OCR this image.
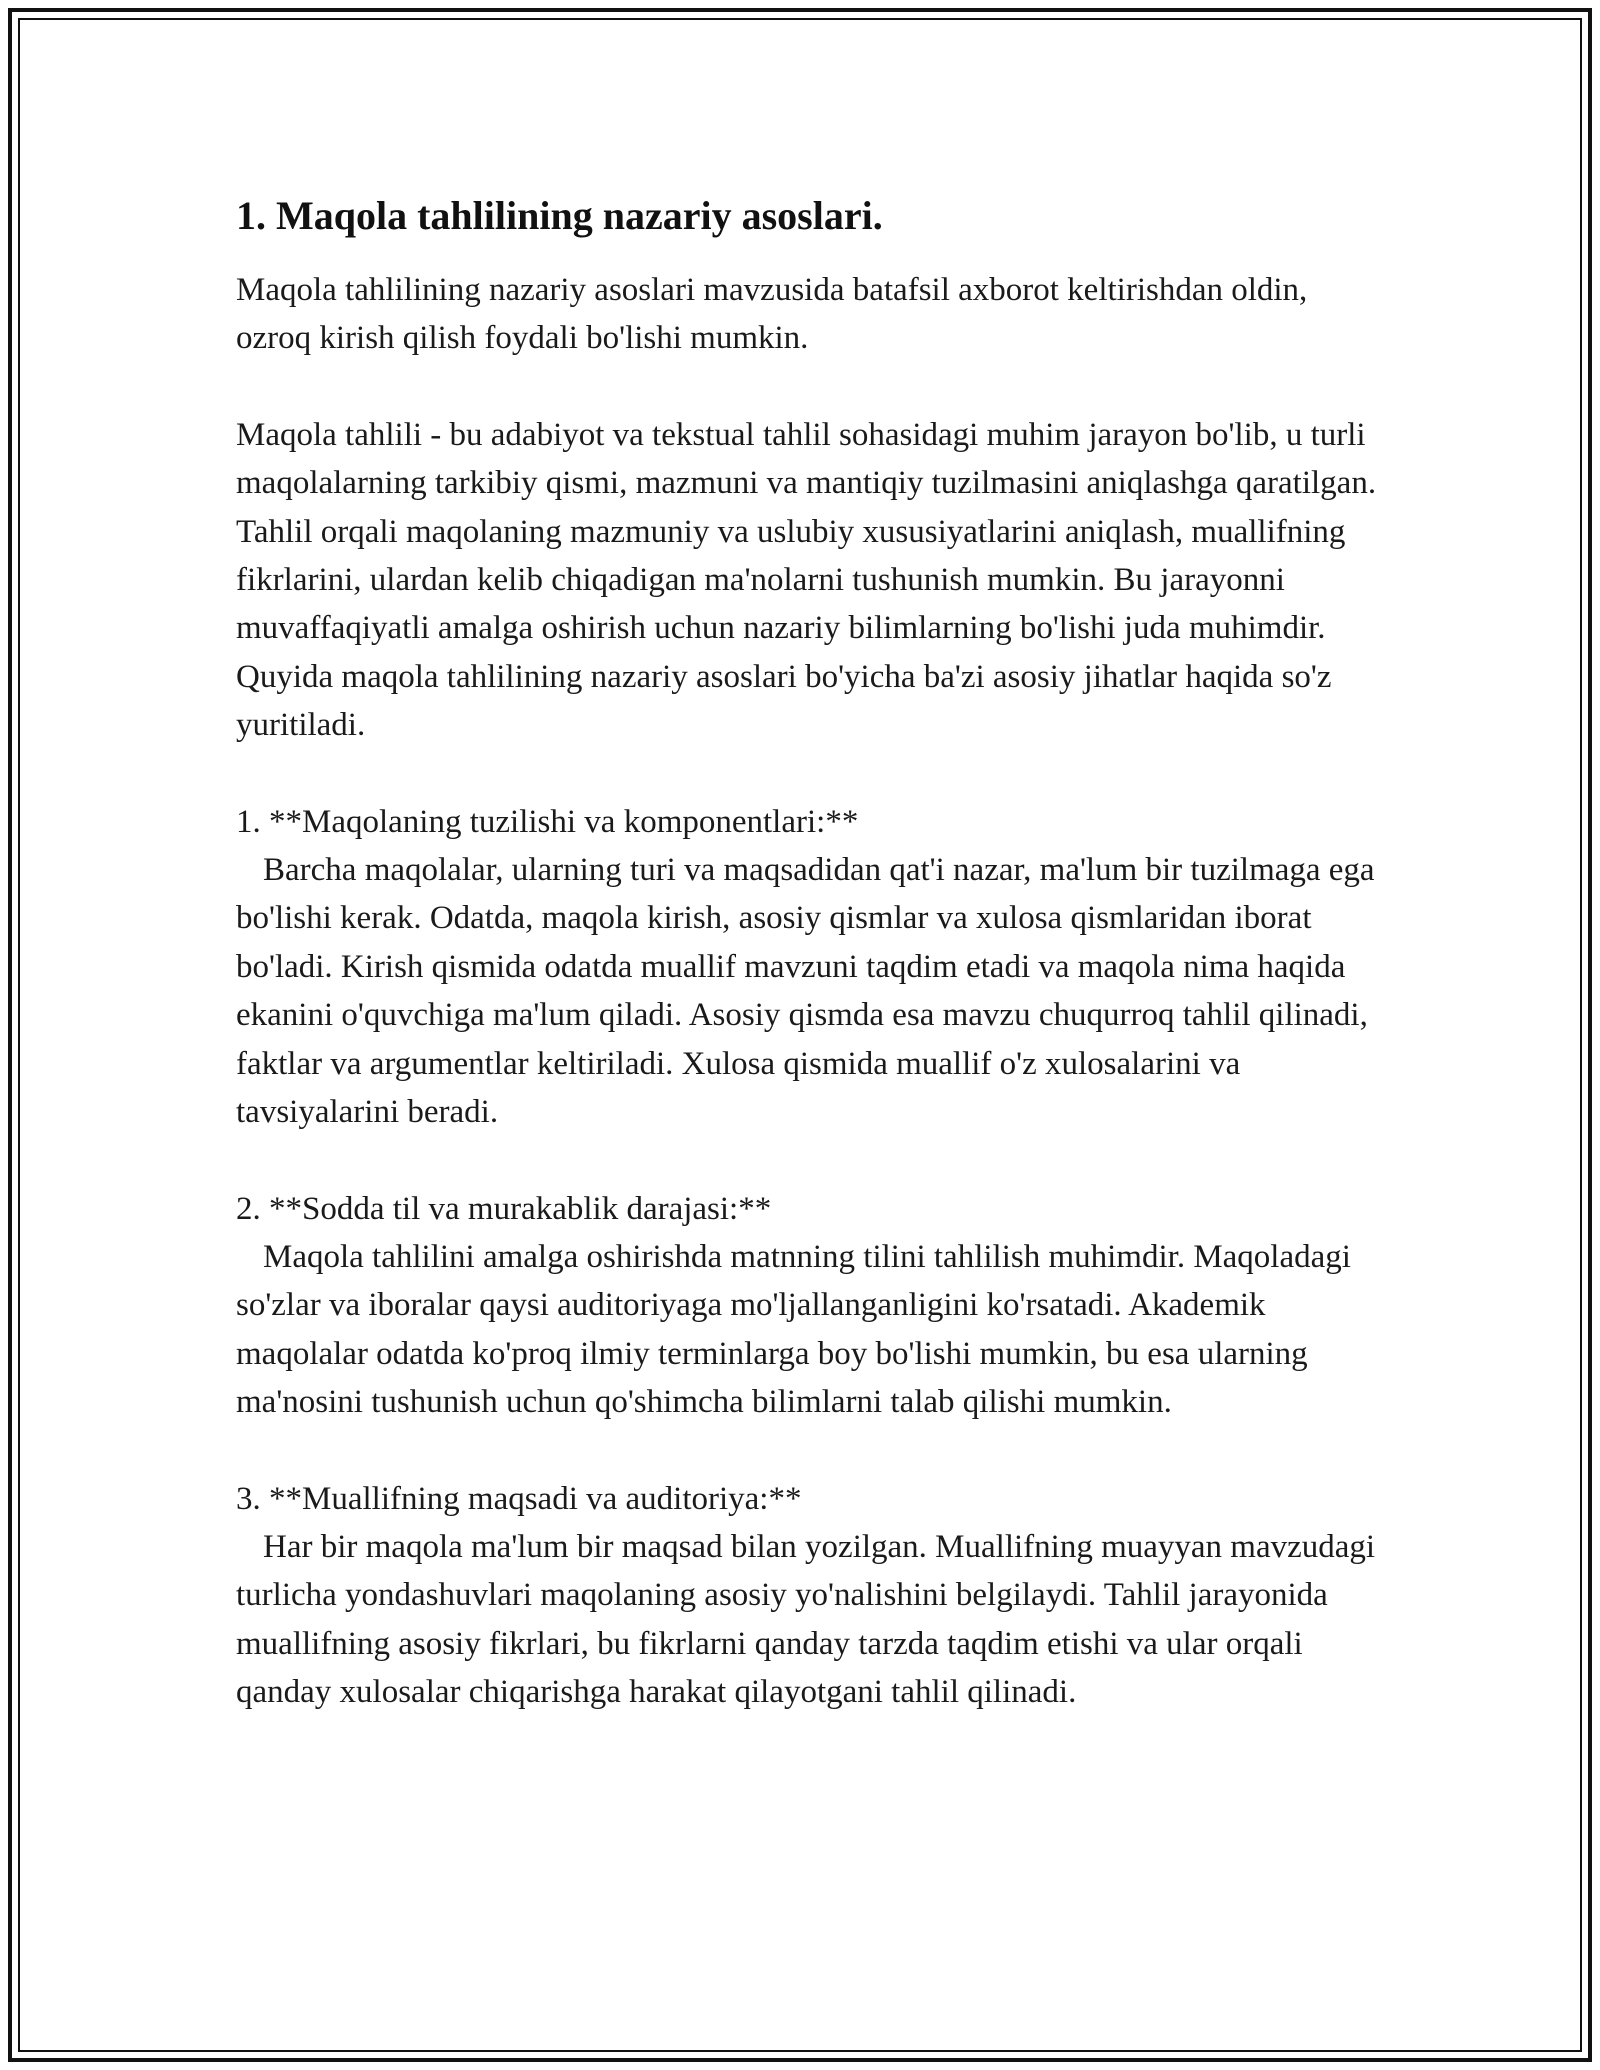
1. Maqola tahlilining nazariy asoslari.

Maqola tahlilining nazariy asoslari mavzusida batafsil axborot keltirishdan oldin, ozroq kirish qilish foydali bo'lishi mumkin.

Maqola tahlili - bu adabiyot va tekstual tahlil sohasidagi muhim jarayon bo'lib, u turli maqolalarning tarkibiy qismi, mazmuni va mantiqiy tuzilmasini aniqlashga qaratilgan. Tahlil orqali maqolaning mazmuniy va uslubiy xususiyatlarini aniqlash, muallifning fikrlarini, ulardan kelib chiqadigan ma'nolarni tushunish mumkin. Bu jarayonni muvaffaqiyatli amalga oshirish uchun nazariy bilimlarning bo'lishi juda muhimdir. Quyida maqola tahlilining nazariy asoslari bo'yicha ba'zi asosiy jihatlar haqida so'z yuritiladi.

1. **Maqolaning tuzilishi va komponentlari:**
Barcha maqolalar, ularning turi va maqsadidan qat'i nazar, ma'lum bir tuzilmaga ega bo'lishi kerak. Odatda, maqola kirish, asosiy qismlar va xulosa qismlaridan iborat bo'ladi. Kirish qismida odatda muallif mavzuni taqdim etadi va maqola nima haqida ekanini o'quvchiga ma'lum qiladi. Asosiy qismda esa mavzu chuqurroq tahlil qilinadi, faktlar va argumentlar keltiriladi. Xulosa qismida muallif o'z xulosalarini va tavsiyalarini beradi.
2. **Sodda til va murakablik darajasi:**
Maqola tahlilini amalga oshirishda matnning tilini tahlilish muhimdir. Maqoladagi so'zlar va iboralar qaysi auditoriyaga mo'ljallanganligini ko'rsatadi. Akademik maqolalar odatda ko'proq ilmiy terminlarga boy bo'lishi mumkin, bu esa ularning ma'nosini tushunish uchun qo'shimcha bilimlarni talab qilishi mumkin.
3. **Muallifning maqsadi va auditoriya:**
Har bir maqola ma'lum bir maqsad bilan yozilgan. Muallifning muayyan mavzudagi turlicha yondashuvlari maqolaning asosiy yo'nalishini belgilaydi. Tahlil jarayonida muallifning asosiy fikrlari, bu fikrlarni qanday tarzda taqdim etishi va ular orqali qanday xulosalar chiqarishga harakat qilayotgani tahlil qilinadi.
